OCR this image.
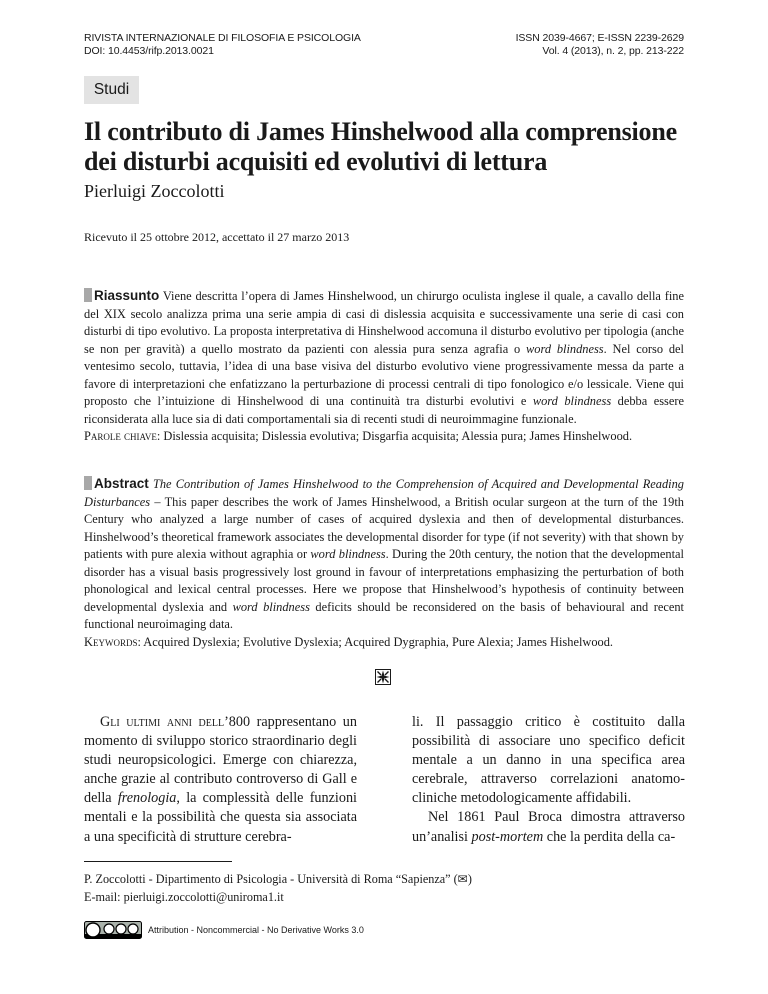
RIVISTA INTERNAZIONALE DI FILOSOFIA E PSICOLOGIA
DOI: 10.4453/rifp.2013.0021
ISSN 2039-4667; E-ISSN 2239-2629
Vol. 4 (2013), n. 2, pp. 213-222
Studi
Il contributo di James Hinshelwood alla comprensione
dei disturbi acquisiti ed evolutivi di lettura
Pierluigi Zoccolotti
Ricevuto il 25 ottobre 2012, accettato il 27 marzo 2013
Riassunto Viene descritta l’opera di James Hinshelwood, un chirurgo oculista inglese il quale, a cavallo della fine del XIX secolo analizza prima una serie ampia di casi di dislessia acquisita e successivamente una serie di casi con disturbi di tipo evolutivo. La proposta interpretativa di Hinshelwood accomuna il disturbo evolutivo per tipologia (anche se non per gravità) a quello mostrato da pazienti con alessia pura senza agrafia o word blindness. Nel corso del ventesimo secolo, tuttavia, l’idea di una base visiva del disturbo evolutivo viene progressivamente messa da parte a favore di interpretazioni che enfatizzano la perturbazione di processi centrali di tipo fonologico e/o lessicale. Viene qui proposto che l’intuizione di Hinshelwood di una continuità tra disturbi evolutivi e word blindness debba essere riconsiderata alla luce sia di dati comportamentali sia di recenti studi di neuroimmagine funzionale.
Parole chiave: Dislessia acquisita; Dislessia evolutiva; Disgarfia acquisita; Alessia pura; James Hinshelwood.
Abstract The Contribution of James Hinshelwood to the Comprehension of Acquired and Developmental Reading Disturbances – This paper describes the work of James Hinshelwood, a British ocular surgeon at the turn of the 19th Century who analyzed a large number of cases of acquired dyslexia and then of developmental disturbances. Hinshelwood’s theoretical framework associates the developmental disorder for type (if not severity) with that shown by patients with pure alexia without agraphia or word blindness. During the 20th century, the notion that the developmental disorder has a visual basis progressively lost ground in favour of interpretations emphasizing the perturbation of both phonological and lexical central processes. Here we propose that Hinshelwood’s hypothesis of continuity between developmental dyslexia and word blindness deficits should be reconsidered on the basis of behavioural and recent functional neuroimaging data.
Keywords: Acquired Dyslexia; Evolutive Dyslexia; Acquired Dygraphia, Pure Alexia; James Hishelwood.
Gli ultimi anni dell’800 rappresentano un momento di sviluppo storico straordinario degli studi neuropsicologici. Emerge con chiarezza, anche grazie al contributo controverso di Gall e della frenologia, la complessità delle funzioni mentali e la possibilità che questa sia associata a una specificità di strutture cerebra-
li. Il passaggio critico è costituito dalla possibilità di associare uno specifico deficit mentale a un danno in una specifica area cerebrale, attraverso correlazioni anatomo-cliniche metodologicamente affidabili.
Nel 1861 Paul Broca dimostra attraverso un’analisi post-mortem che la perdita della ca-
P. Zoccolotti - Dipartimento di Psicologia - Università di Roma “Sapienza” (✉)
E-mail: pierluigi.zoccolotti@uniroma1.it
Attribution - Noncommercial - No Derivative Works 3.0
